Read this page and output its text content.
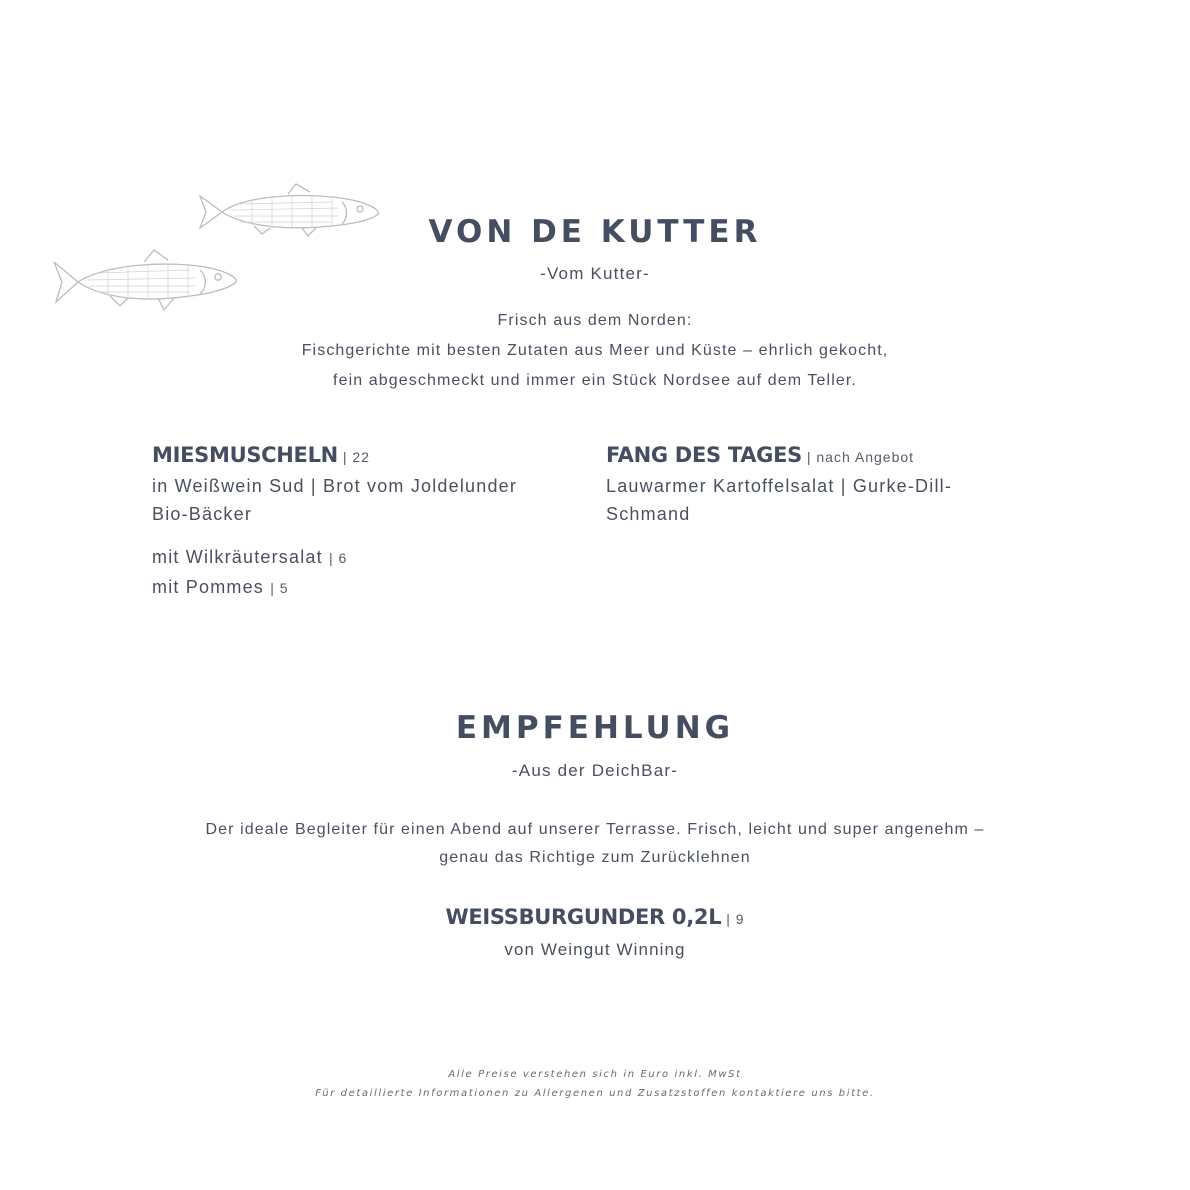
VON DE KUTTER
-Vom Kutter-
Frisch aus dem Norden:
Fischgerichte mit besten Zutaten aus Meer und Küste – ehrlich gekocht,
fein abgeschmeckt und immer ein Stück Nordsee auf dem Teller.
MIESMUSCHELN | 22
in Weißwein Sud | Brot vom Joldelunder
Bio-Bäcker
mit Wilkräutersalat | 6
mit Pommes | 5
FANG DES TAGES | nach Angebot
Lauwarmer Kartoffelsalat | Gurke-Dill-
Schmand
EMPFEHLUNG
-Aus der DeichBar-
Der ideale Begleiter für einen Abend auf unserer Terrasse. Frisch, leicht und super angenehm –
genau das Richtige zum Zurücklehnen
WEISSBURGUNDER 0,2L | 9
von Weingut Winning
Alle Preise verstehen sich in Euro inkl. MwSt
Für detaillierte Informationen zu Allergenen und Zusatzstoffen kontaktiere uns bitte.
